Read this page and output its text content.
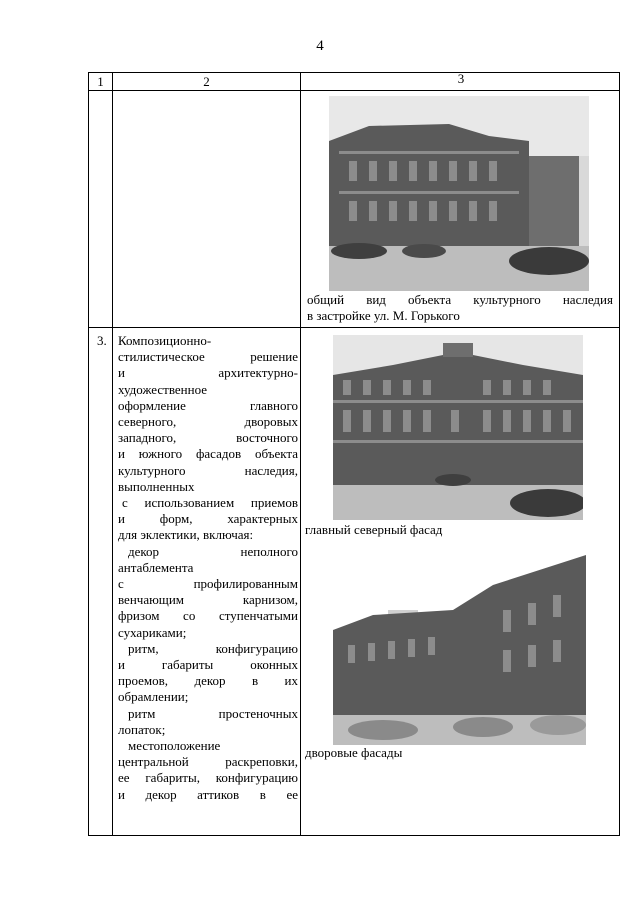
4
1	2	3
общий вид объекта культурного наследия
в застройке ул. М. Горького
3. Композиционно-

стилистическое решение

и архитектурно-

художественное

оформлениe главного

северного, дворовых

западного, восточного

и южного фасадов объекта

культурного наследия,

выполненных

с использованием приемов

и форм, характерных

для эклектики, включая:

декор неполного

антаблемента

с профилированным

венчающим карнизом,

фризом со ступенчатыми

сухариками;

ритм, конфигурацию

и габариты оконных

проемов, декор в их

обрамлении;

ритм простеночных

лопаток;

местоположение

центральной раскреповки,

ее габариты, конфигурацию

и декор аттиков в ее

главный северный фасад
дворовые фасады
